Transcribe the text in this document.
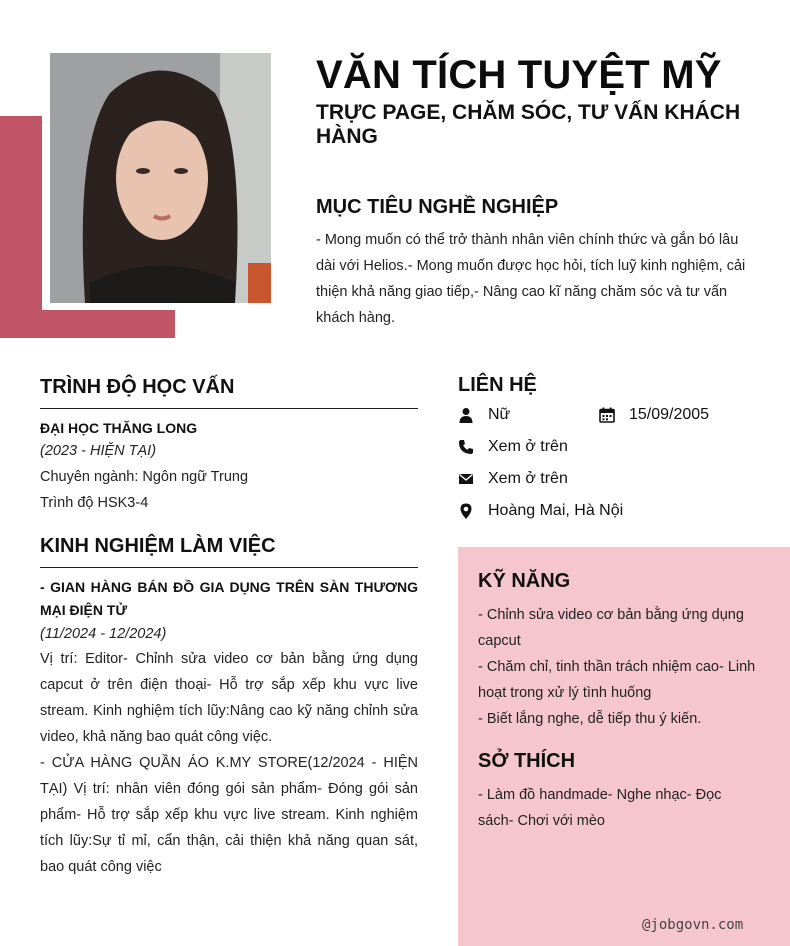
VĂN TÍCH TUYỆT MỸ
TRỰC PAGE, CHĂM SÓC, TƯ VẤN KHÁCH HÀNG
MỤC TIÊU NGHỀ NGHIỆP
- Mong muốn có thể trở thành nhân viên chính thức và gắn bó lâu dài với Helios.- Mong muốn được học hỏi, tích luỹ kinh nghiệm, cải thiện khả năng giao tiếp,- Nâng cao kĩ năng chăm sóc và tư vấn khách hàng.
TRÌNH ĐỘ HỌC VẤN
ĐẠI HỌC THĂNG LONG
(2023 - HIỆN TẠI)
Chuyên ngành: Ngôn ngữ Trung
Trình độ HSK3-4
KINH NGHIỆM LÀM VIỆC
- GIAN HÀNG BÁN ĐỒ GIA DỤNG TRÊN SÀN THƯƠNG MẠI ĐIỆN TỬ
(11/2024 - 12/2024)
Vị trí: Editor- Chỉnh sửa video cơ bản bằng ứng dụng capcut ở trên điện thoại- Hỗ trợ sắp xếp khu vực live stream. Kinh nghiệm tích lũy:Nâng cao kỹ năng chỉnh sửa video, khả năng bao quát công việc.
- CỬA HÀNG QUẦN ÁO K.MY STORE(12/2024 - HIỆN TẠI) Vị trí: nhân viên đóng gói sản phẩm- Đóng gói sản phẩm- Hỗ trợ sắp xếp khu vực live stream. Kinh nghiệm tích lũy:Sự tỉ mỉ, cẩn thận, cải thiện khả năng quan sát, bao quát công việc
LIÊN HỆ
Nữ	15/09/2005
Xem ở trên
Xem ở trên
Hoàng Mai, Hà Nội
KỸ NĂNG
- Chỉnh sửa video cơ bản bằng ứng dụng capcut
- Chăm chỉ, tinh thần trách nhiệm cao- Linh hoạt trong xử lý tình huống
- Biết lắng nghe, dễ tiếp thu ý kiến.
SỞ THÍCH
- Làm đồ handmade- Nghe nhạc- Đọc sách- Chơi với mèo
@jobgovn.com
